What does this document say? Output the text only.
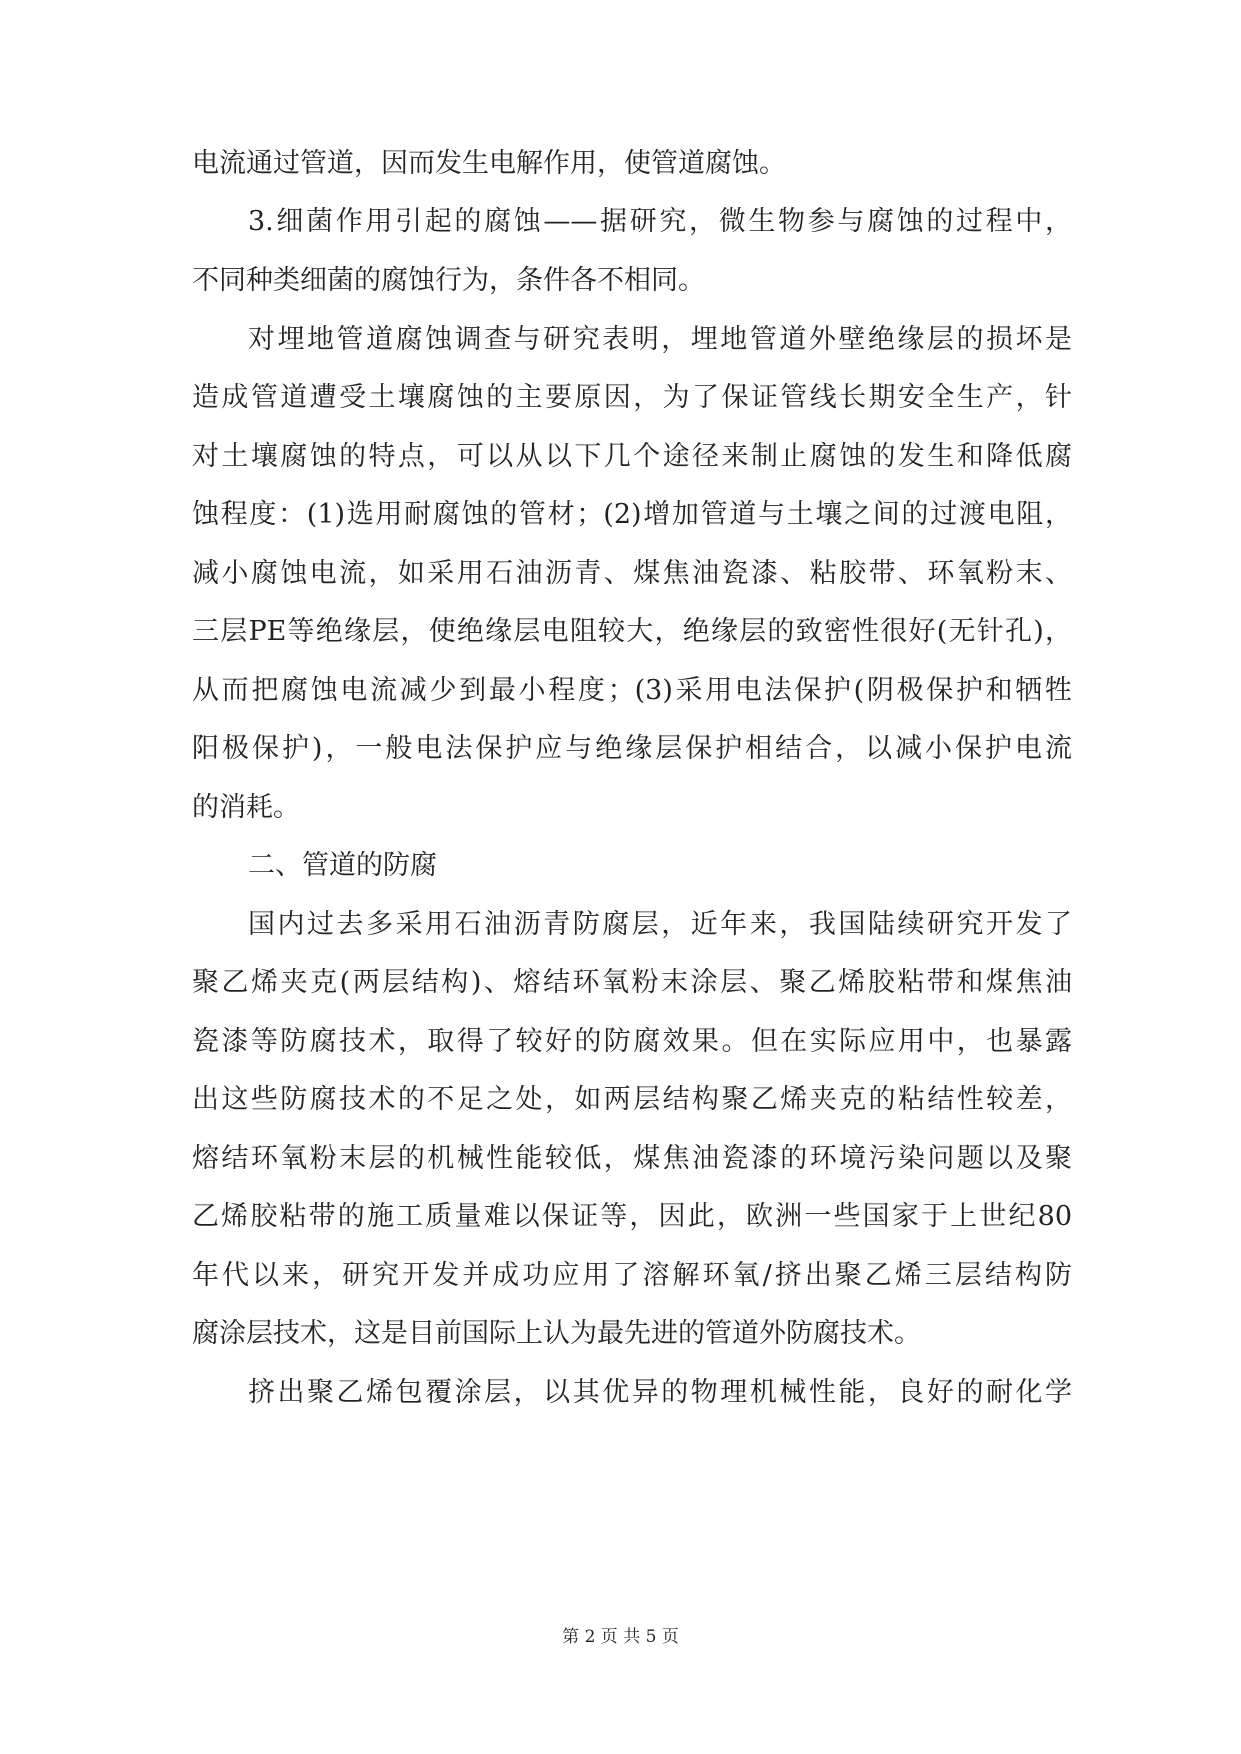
电流通过管道，因而发生电解作用，使管道腐蚀。
3.细菌作用引起的腐蚀——据研究，微生物参与腐蚀的过程中，
不同种类细菌的腐蚀行为，条件各不相同。
对埋地管道腐蚀调查与研究表明，埋地管道外壁绝缘层的损坏是
造成管道遭受土壤腐蚀的主要原因，为了保证管线长期安全生产，针
对土壤腐蚀的特点，可以从以下几个途径来制止腐蚀的发生和降低腐
蚀程度：(1)选用耐腐蚀的管材；(2)增加管道与土壤之间的过渡电阻，
减小腐蚀电流，如采用石油沥青、煤焦油瓷漆、粘胶带、环氧粉末、
三层PE等绝缘层，使绝缘层电阻较大，绝缘层的致密性很好(无针孔)，
从而把腐蚀电流减少到最小程度；(3)采用电法保护(阴极保护和牺牲
阳极保护)，一般电法保护应与绝缘层保护相结合，以减小保护电流
的消耗。
二、管道的防腐
国内过去多采用石油沥青防腐层，近年来，我国陆续研究开发了
聚乙烯夹克(两层结构)、熔结环氧粉末涂层、聚乙烯胶粘带和煤焦油
瓷漆等防腐技术，取得了较好的防腐效果。但在实际应用中，也暴露
出这些防腐技术的不足之处，如两层结构聚乙烯夹克的粘结性较差，
熔结环氧粉末层的机械性能较低，煤焦油瓷漆的环境污染问题以及聚
乙烯胶粘带的施工质量难以保证等，因此，欧洲一些国家于上世纪80
年代以来，研究开发并成功应用了溶解环氧/挤出聚乙烯三层结构防
腐涂层技术，这是目前国际上认为最先进的管道外防腐技术。
挤出聚乙烯包覆涂层，以其优异的物理机械性能，良好的耐化学
第 2 页 共 5 页
